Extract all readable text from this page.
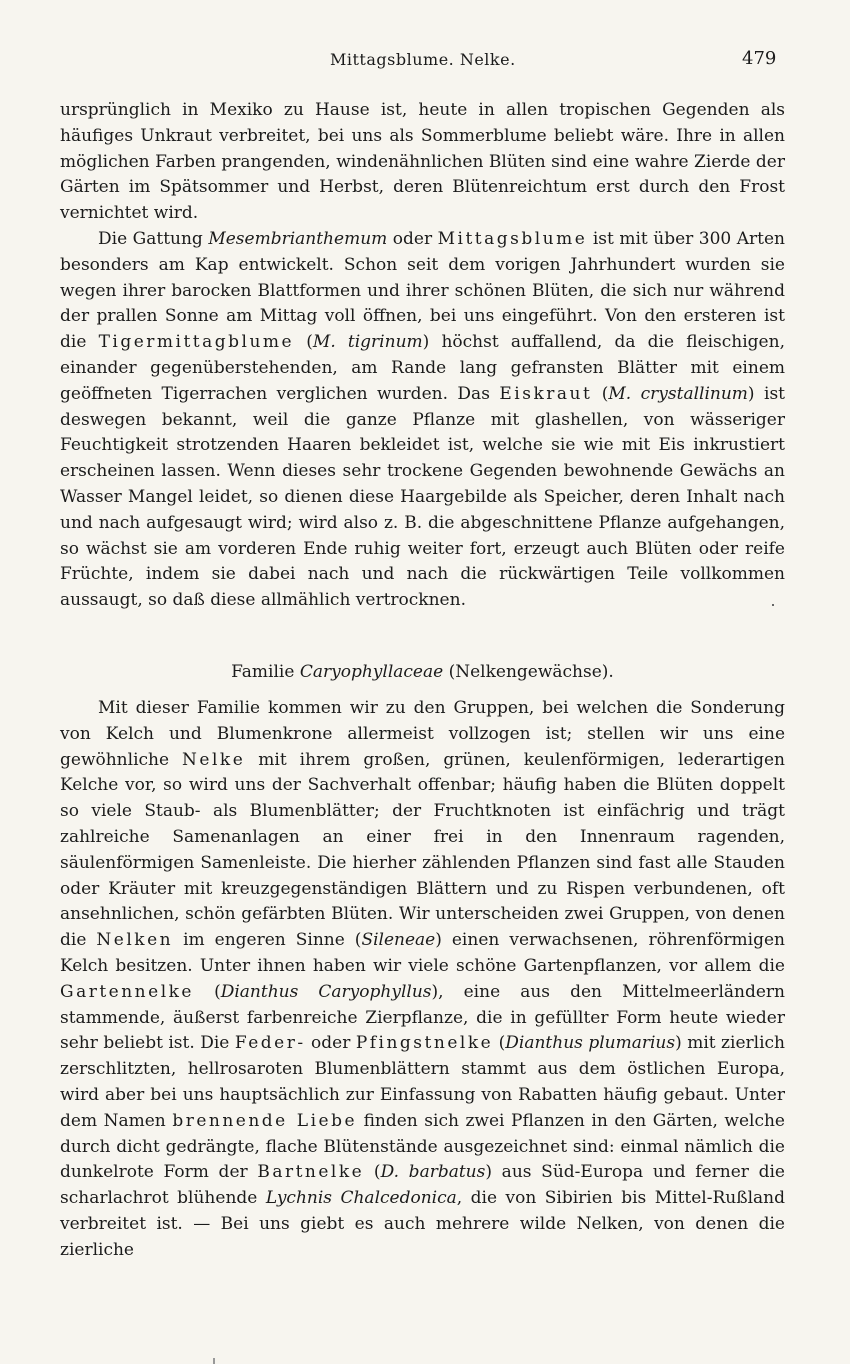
Mittagsblume. Nelke.	479

ursprünglich in Mexiko zu Hause ist, heute in allen tropischen Gegenden als häufiges Unkraut verbreitet, bei uns als Sommerblume beliebt wäre. Ihre in allen möglichen Farben prangenden, windenähnlichen Blüten sind eine wahre Zierde der Gärten im Spätsommer und Herbst, deren Blütenreichtum erst durch den Frost vernichtet wird.

Die Gattung Mesembrianthemum oder Mittagsblume ist mit über 300 Arten besonders am Kap entwickelt. Schon seit dem vorigen Jahrhundert wurden sie wegen ihrer barocken Blattformen und ihrer schönen Blüten, die sich nur während der prallen Sonne am Mittag voll öffnen, bei uns eingeführt. Von den ersteren ist die Tigermittagblume (M. tigrinum) höchst auffallend, da die fleischigen, einander gegenüberstehenden, am Rande lang gefransten Blätter mit einem geöffneten Tigerrachen verglichen wurden. Das Eiskraut (M. crystallinum) ist deswegen bekannt, weil die ganze Pflanze mit glashellen, von wässeriger Feuchtigkeit strotzenden Haaren bekleidet ist, welche sie wie mit Eis inkrustiert erscheinen lassen. Wenn dieses sehr trockene Gegenden bewohnende Gewächs an Wasser Mangel leidet, so dienen diese Haargebilde als Speicher, deren Inhalt nach und nach aufgesaugt wird; wird also z. B. die abgeschnittene Pflanze aufgehangen, so wächst sie am vorderen Ende ruhig weiter fort, erzeugt auch Blüten oder reife Früchte, indem sie dabei nach und nach die rückwärtigen Teile vollkommen aussaugt, so daß diese allmählich vertrocknen.

Familie Caryophyllaceae (Nelkengewächse).

Mit dieser Familie kommen wir zu den Gruppen, bei welchen die Sonderung von Kelch und Blumenkrone allermeist vollzogen ist; stellen wir uns eine gewöhnliche Nelke mit ihrem großen, grünen, keulenförmigen, lederartigen Kelche vor, so wird uns der Sachverhalt offenbar; häufig haben die Blüten doppelt so viele Staub- als Blumenblätter; der Fruchtknoten ist einfächrig und trägt zahlreiche Samenanlagen an einer frei in den Innenraum ragenden, säulenförmigen Samenleiste. Die hierher zählenden Pflanzen sind fast alle Stauden oder Kräuter mit kreuzgegenständigen Blättern und zu Rispen verbundenen, oft ansehnlichen, schön gefärbten Blüten. Wir unterscheiden zwei Gruppen, von denen die Nelken im engeren Sinne (Sileneae) einen verwachsenen, röhrenförmigen Kelch besitzen. Unter ihnen haben wir viele schöne Gartenpflanzen, vor allem die Gartennelke (Dianthus Caryophyllus), eine aus den Mittelmeerländern stammende, äußerst farbenreiche Zierpflanze, die in gefüllter Form heute wieder sehr beliebt ist. Die Feder- oder Pfingstnelke (Dianthus plumarius) mit zierlich zerschlitzten, hellrosaroten Blumenblättern stammt aus dem östlichen Europa, wird aber bei uns hauptsächlich zur Einfassung von Rabatten häufig gebaut. Unter dem Namen brennende Liebe finden sich zwei Pflanzen in den Gärten, welche durch dicht gedrängte, flache Blütenstände ausgezeichnet sind: einmal nämlich die dunkelrote Form der Bartnelke (D. barbatus) aus Süd-Europa und ferner die scharlachrot blühende Lychnis Chalcedonica, die von Sibirien bis Mittel-Rußland verbreitet ist. — Bei uns giebt es auch mehrere wilde Nelken, von denen die zierliche
